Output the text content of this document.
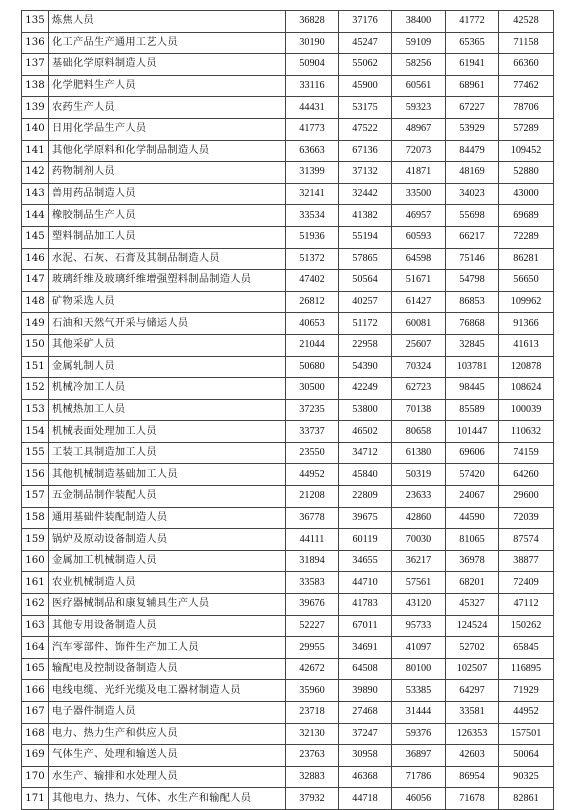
135	炼焦人员	36828	37176	38400	41772	42528
136	化工产品生产通用工艺人员	30190	45247	59109	65365	71158
137	基础化学原料制造人员	50904	55062	58256	61941	66360
138	化学肥料生产人员	33116	45900	60561	68961	77462
139	农药生产人员	44431	53175	59323	67227	78706
140	日用化学品生产人员	41773	47522	48967	53929	57289
141	其他化学原料和化学制品制造人员	63663	67136	72073	84479	109452
142	药物制剂人员	31399	37132	41871	48169	52880
143	兽用药品制造人员	32141	32442	33500	34023	43000
144	橡胶制品生产人员	33534	41382	46957	55698	69689
145	塑料制品加工人员	51936	55194	60593	66217	72289
146	水泥、石灰、石膏及其制品制造人员	51372	57865	64598	75146	86281
147	玻璃纤维及玻璃纤维增强塑料制品制造人员	47402	50564	51671	54798	56650
148	矿物采选人员	26812	40257	61427	86853	109962
149	石油和天然气开采与储运人员	40653	51172	60081	76868	91366
150	其他采矿人员	21044	22958	25607	32845	41613
151	金属轧制人员	50680	54390	70324	103781	120878
152	机械冷加工人员	30500	42249	62723	98445	108624
153	机械热加工人员	37235	53800	70138	85589	100039
154	机械表面处理加工人员	33737	46502	80658	101447	110632
155	工装工具制造加工人员	23550	34712	61380	69606	74159
156	其他机械制造基础加工人员	44952	45840	50319	57420	64260
157	五金制品制作装配人员	21208	22809	23633	24067	29600
158	通用基础件装配制造人员	36778	39675	42860	44590	72039
159	锅炉及原动设备制造人员	44111	60119	70030	81065	87574
160	金属加工机械制造人员	31894	34655	36217	36978	38877
161	农业机械制造人员	33583	44710	57561	68201	72409
162	医疗器械制品和康复辅具生产人员	39676	41783	43120	45327	47112
163	其他专用设备制造人员	52227	67011	95733	124524	150262
164	汽车零部件、饰件生产加工人员	29955	34691	41097	52702	65845
165	输配电及控制设备制造人员	42672	64508	80100	102507	116895
166	电线电缆、光纤光缆及电工器材制造人员	35960	39890	53385	64297	71929
167	电子器件制造人员	23718	27468	31444	33581	44952
168	电力、热力生产和供应人员	32130	37247	59376	126353	157501
169	气体生产、处理和输送人员	23763	30958	36897	42603	50064
170	水生产、输排和水处理人员	32883	46368	71786	86954	90325
171	其他电力、热力、气体、水生产和输配人员	37932	44718	46056	71678	82861
